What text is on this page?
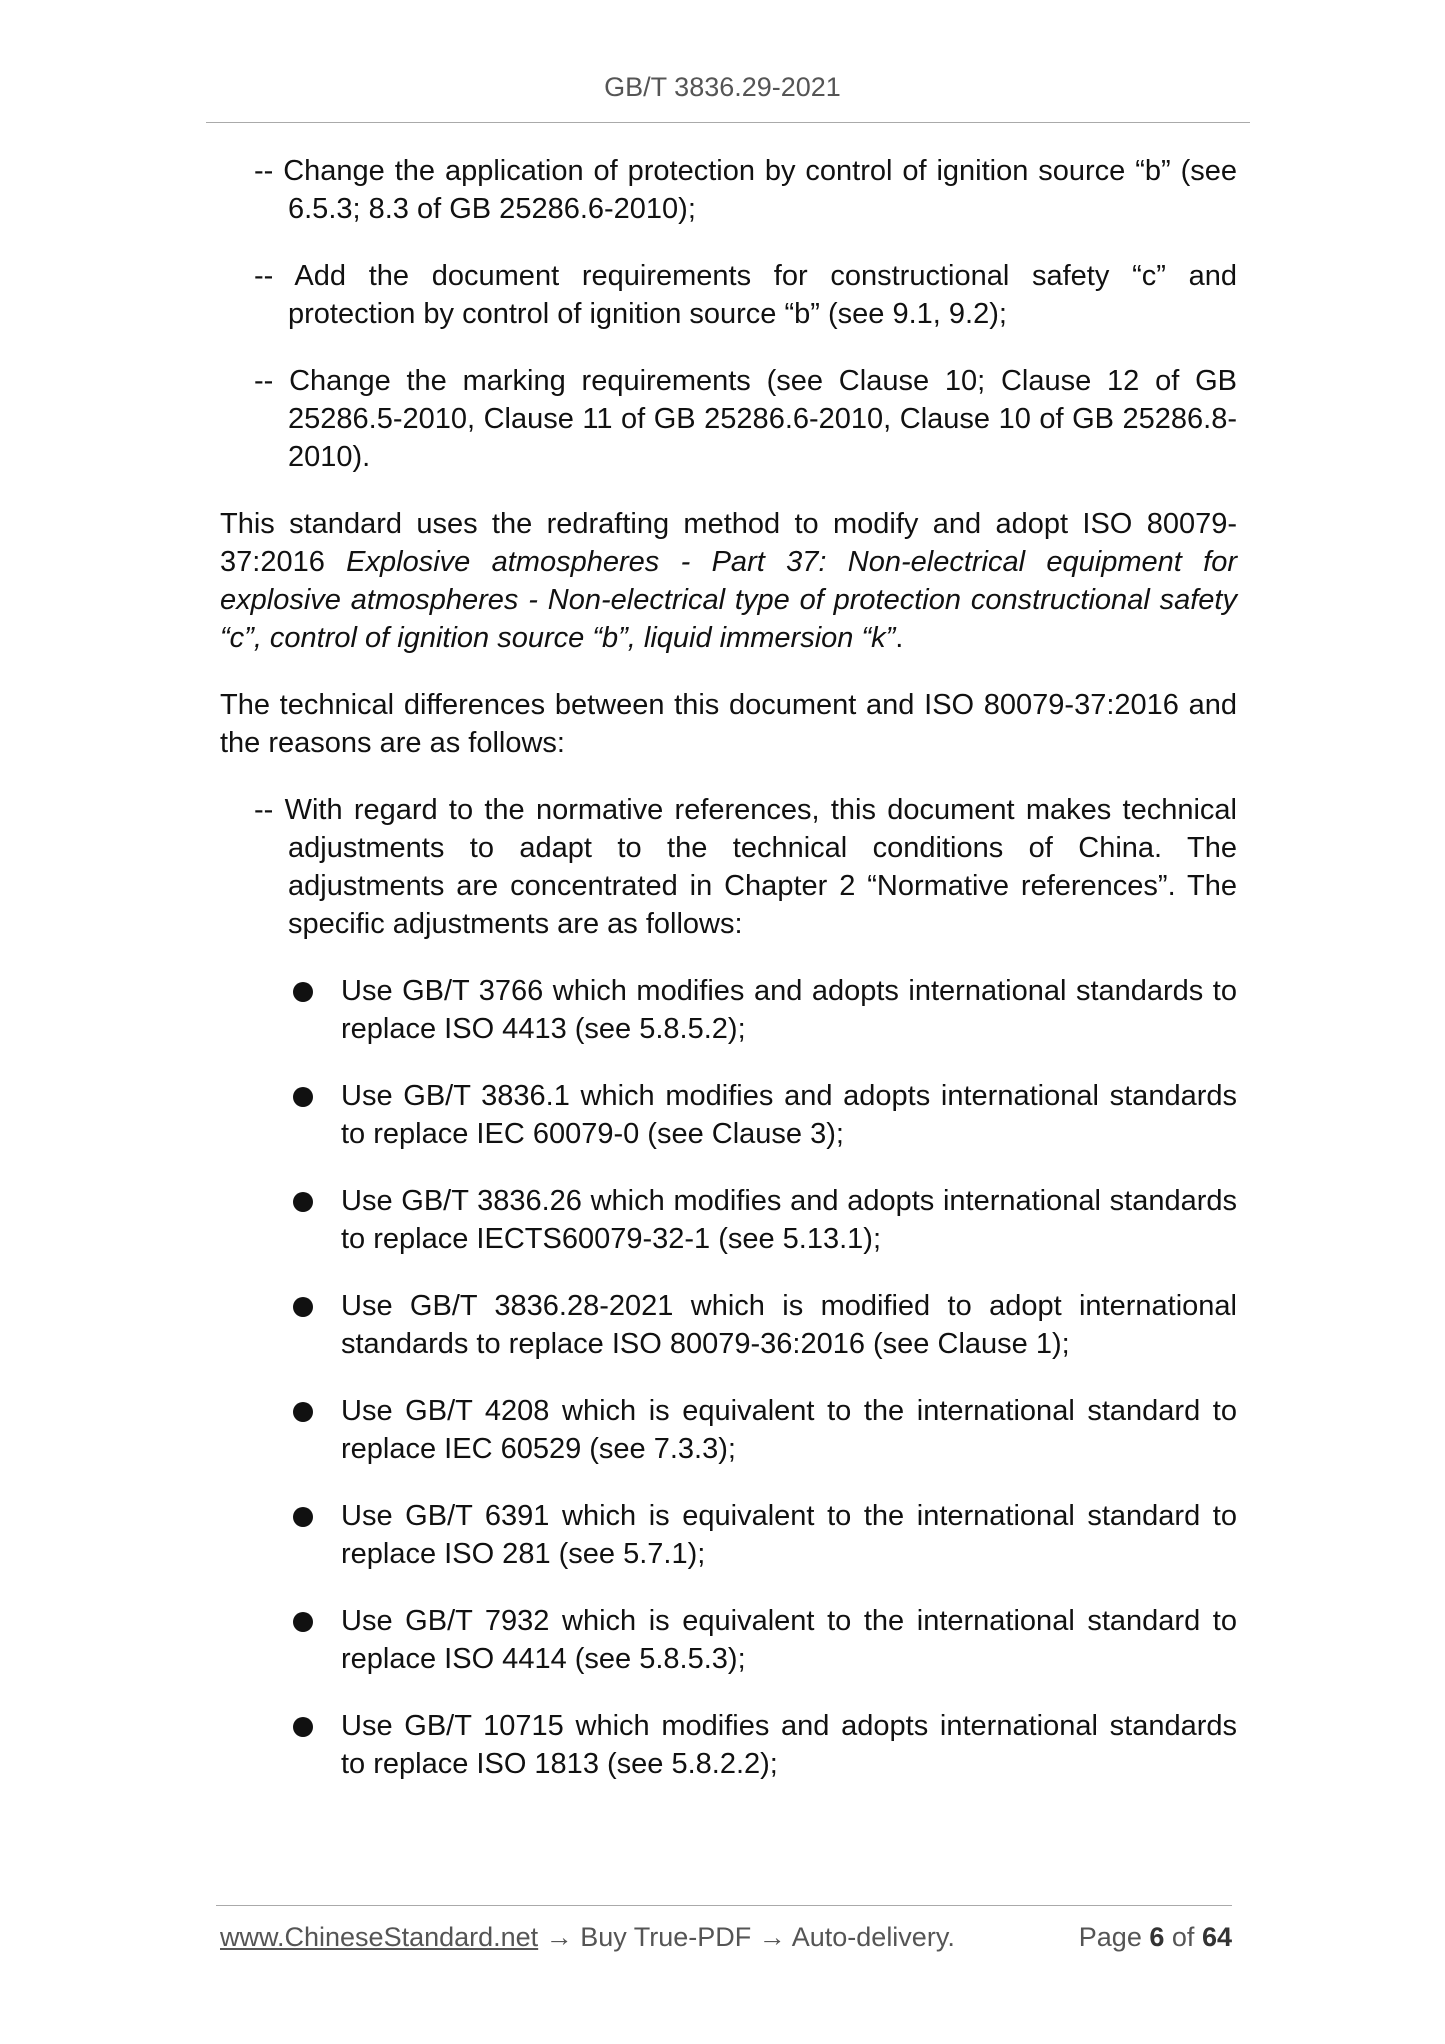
GB/T 3836.29-2021

-- Change the application of protection by control of ignition source “b” (see 6.5.3; 8.3 of GB 25286.6-2010);

-- Add the document requirements for constructional safety “c” and protection by control of ignition source “b” (see 9.1, 9.2);

-- Change the marking requirements (see Clause 10; Clause 12 of GB 25286.5-2010, Clause 11 of GB 25286.6-2010, Clause 10 of GB 25286.8-2010).

This standard uses the redrafting method to modify and adopt ISO 80079-37:2016 Explosive atmospheres - Part 37: Non-electrical equipment for explosive atmospheres - Non-electrical type of protection constructional safety “c”, control of ignition source “b”, liquid immersion “k”.

The technical differences between this document and ISO 80079-37:2016 and the reasons are as follows:

-- With regard to the normative references, this document makes technical adjustments to adapt to the technical conditions of China. The adjustments are concentrated in Chapter 2 “Normative references”. The specific adjustments are as follows:

Use GB/T 3766 which modifies and adopts international standards to replace ISO 4413 (see 5.8.5.2);
Use GB/T 3836.1 which modifies and adopts international standards to replace IEC 60079-0 (see Clause 3);
Use GB/T 3836.26 which modifies and adopts international standards to replace IECTS60079-32-1 (see 5.13.1);
Use GB/T 3836.28-2021 which is modified to adopt international standards to replace ISO 80079-36:2016 (see Clause 1);
Use GB/T 4208 which is equivalent to the international standard to replace IEC 60529 (see 7.3.3);
Use GB/T 6391 which is equivalent to the international standard to replace ISO 281 (see 5.7.1);
Use GB/T 7932 which is equivalent to the international standard to replace ISO 4414 (see 5.8.5.3);
Use GB/T 10715 which modifies and adopts international standards to replace ISO 1813 (see 5.8.2.2);
www.ChineseStandard.net → Buy True-PDF → Auto-delivery.	Page 6 of 64
